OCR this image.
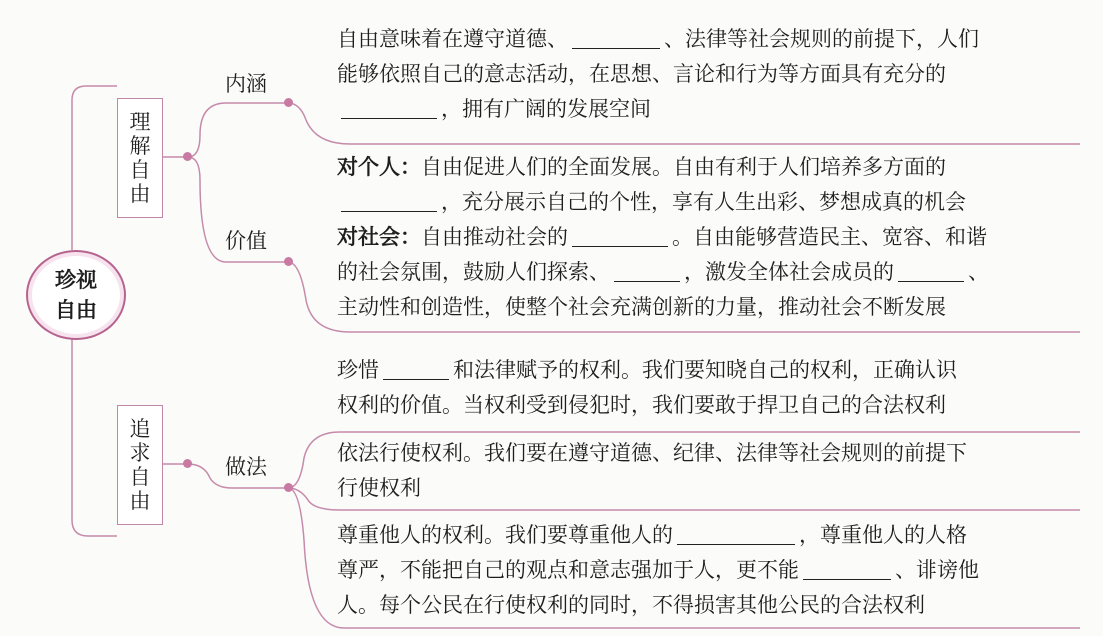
珍视
自由
理
解
自
由
追
求
自
由
内涵
价值
做法
自由意味着在遵守道德、	、法律等社会规则的前提下，人们
能够依照自己的意志活动，在思想、言论和行为等方面具有充分的
，拥有广阔的发展空间
对个人：自由促进人们的全面发展。自由有利于人们培养多方面的
，充分展示自己的个性，享有人生出彩、梦想成真的机会
对社会：自由推动社会的	。自由能够营造民主、宽容、和谐
的社会氛围，鼓励人们探索、	，激发全体社会成员的	、
主动性和创造性，使整个社会充满创新的力量，推动社会不断发展
珍惜	和法律赋予的权利。我们要知晓自己的权利，正确认识
权利的价值。当权利受到侵犯时，我们要敢于捍卫自己的合法权利
依法行使权利。我们要在遵守道德、纪律、法律等社会规则的前提下
行使权利
尊重他人的权利。我们要尊重他人的	，尊重他人的人格
尊严，不能把自己的观点和意志强加于人，更不能	、诽谤他
人。每个公民在行使权利的同时，不得损害其他公民的合法权利
